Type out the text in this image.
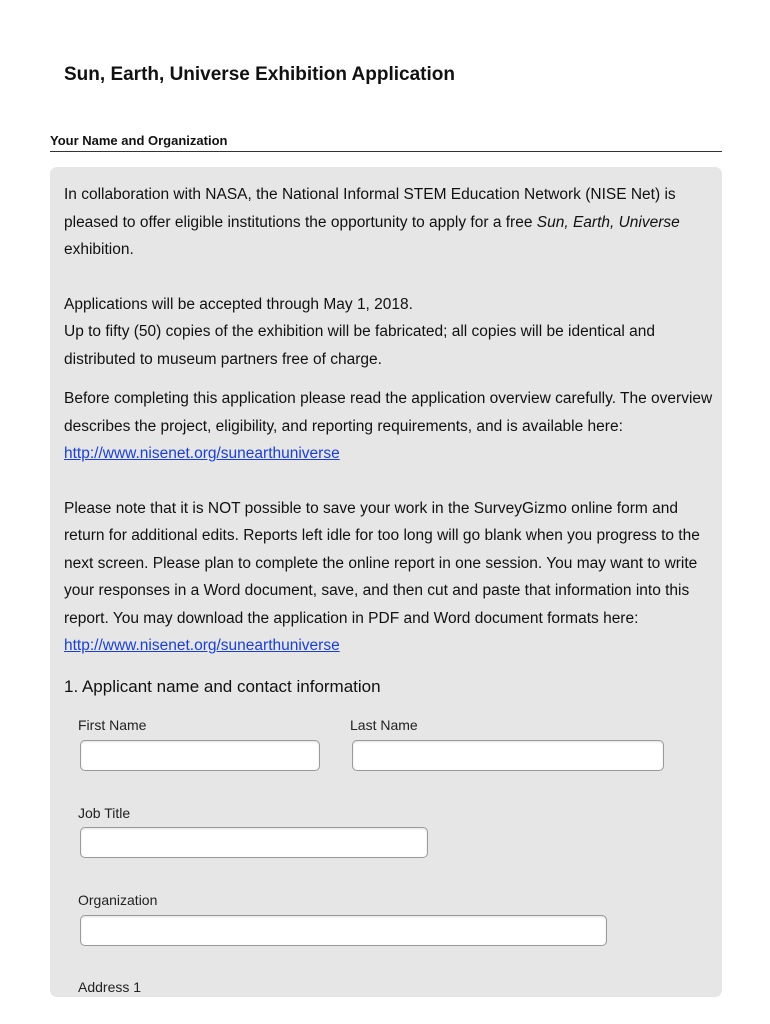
Sun, Earth, Universe Exhibition Application
Your Name and Organization

In collaboration with NASA, the National Informal STEM Education Network (NISE Net) is pleased to offer eligible institutions the opportunity to apply for a free Sun, Earth, Universe exhibition.

Applications will be accepted through May 1, 2018.

Up to fifty (50) copies of the exhibition will be fabricated; all copies will be identical and distributed to museum partners free of charge.

Before completing this application please read the application overview carefully. The overview describes the project, eligibility, and reporting requirements, and is available here: http://www.nisenet.org/sunearthuniverse

Please note that it is NOT possible to save your work in the SurveyGizmo online form and return for additional edits. Reports left idle for too long will go blank when you progress to the next screen. Please plan to complete the online report in one session. You may want to write your responses in a Word document, save, and then cut and paste that information into this report. You may download the application in PDF and Word document formats here: http://www.nisenet.org/sunearthuniverse

1. Applicant name and contact information
First Name	Last Name
Job Title
Organization
Address 1
